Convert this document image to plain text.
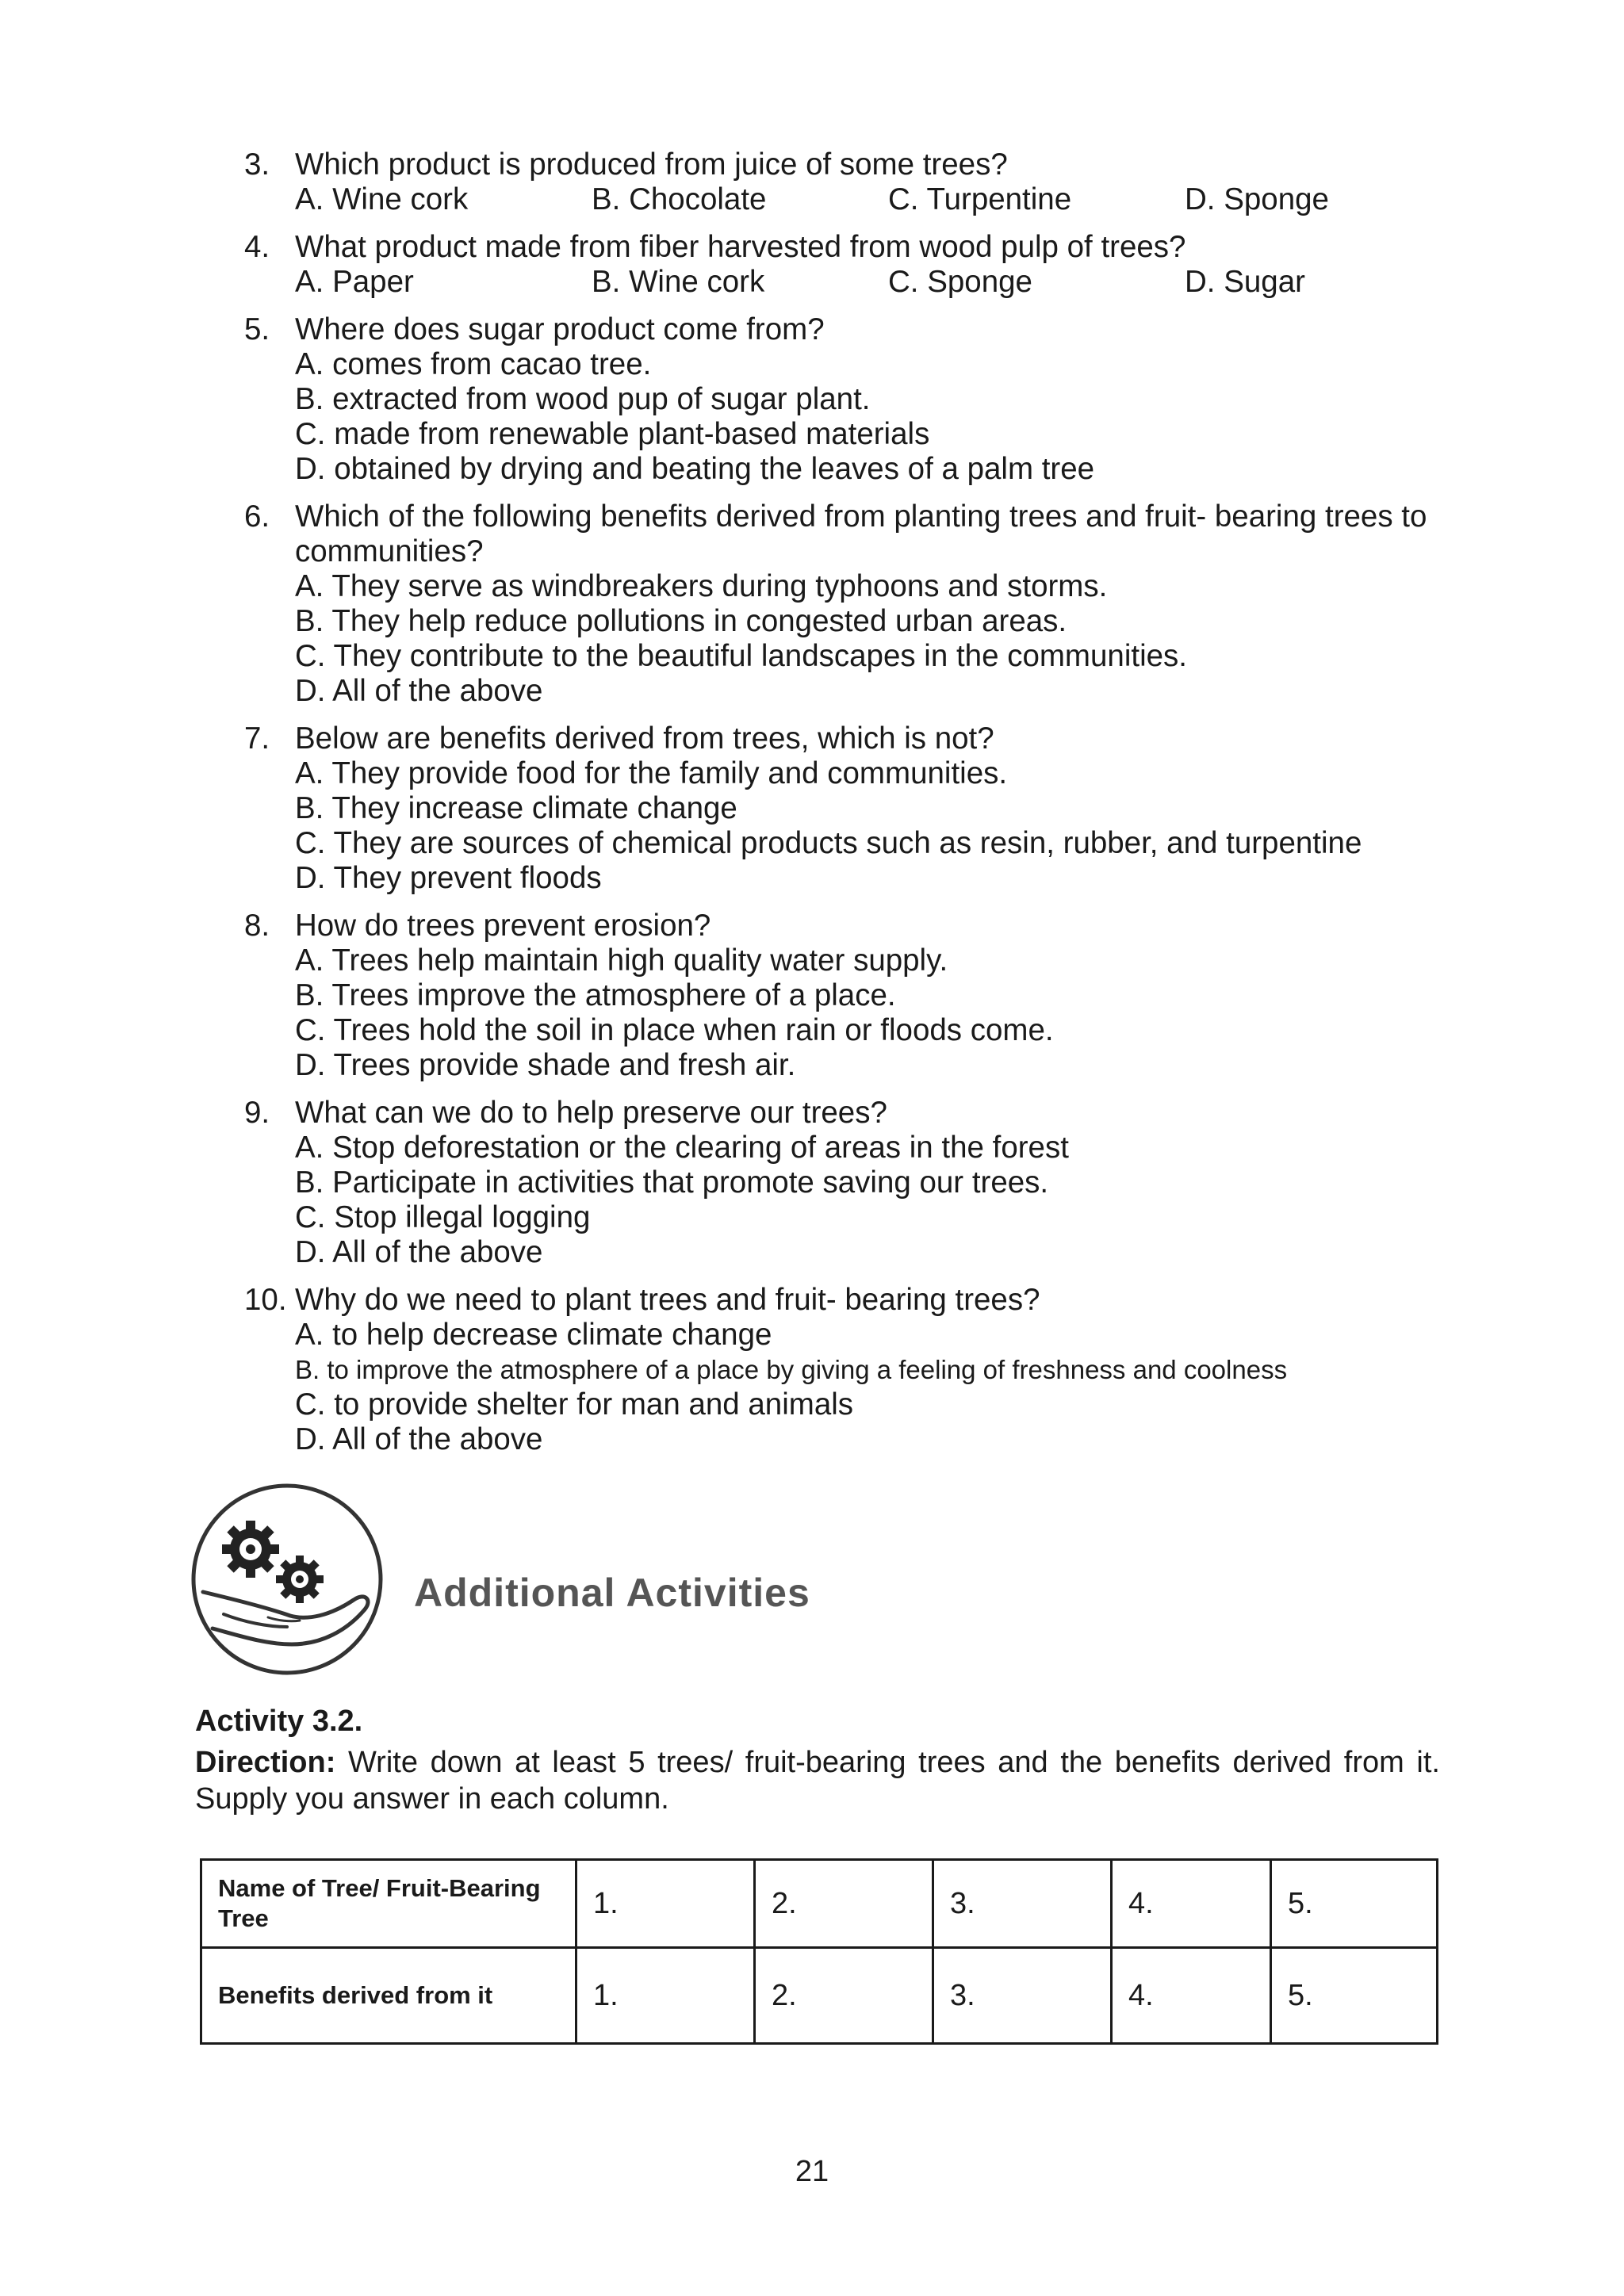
3. Which product is produced from juice of some trees?
A. Wine cork	B. Chocolate	C. Turpentine	D. Sponge
4. What product made from fiber harvested from wood pulp of trees?
A. Paper	B. Wine cork	C. Sponge	D. Sugar
5. Where does sugar product come from?
A. comes from cacao tree.
B. extracted from wood pup of sugar plant.
C. made from renewable plant-based materials
D. obtained by drying and beating the leaves of a palm tree
6. Which of the following benefits derived from planting trees and fruit- bearing trees to communities?
A. They serve as windbreakers during typhoons and storms.
B. They help reduce pollutions in congested urban areas.
C. They contribute to the beautiful landscapes in the communities.
D. All of the above
7. Below are benefits derived from trees, which is not?
A. They provide food for the family and communities.
B. They increase climate change
C. They are sources of chemical products such as resin, rubber, and turpentine
D. They prevent floods
8. How do trees prevent erosion?
A. Trees help maintain high quality water supply.
B. Trees improve the atmosphere of a place.
C. Trees hold the soil in place when rain or floods come.
D. Trees provide shade and fresh air.
9. What can we do to help preserve our trees?
A. Stop deforestation or the clearing of areas in the forest
B. Participate in activities that promote saving our trees.
C. Stop illegal logging
D. All of the above
10. Why do we need to plant trees and fruit- bearing trees?
A. to help decrease climate change
B. to improve the atmosphere of a place by giving a feeling of freshness and coolness
C. to provide shelter for man and animals
D. All of the above
Additional Activities
Activity 3.2.
Direction: Write down at least 5 trees/ fruit-bearing trees and the benefits derived from it. Supply you answer in each column.
Name of Tree/ Fruit-Bearing Tree	1.	2.	3.	4.	5.
Benefits derived from it	1.	2.	3.	4.	5.
21
